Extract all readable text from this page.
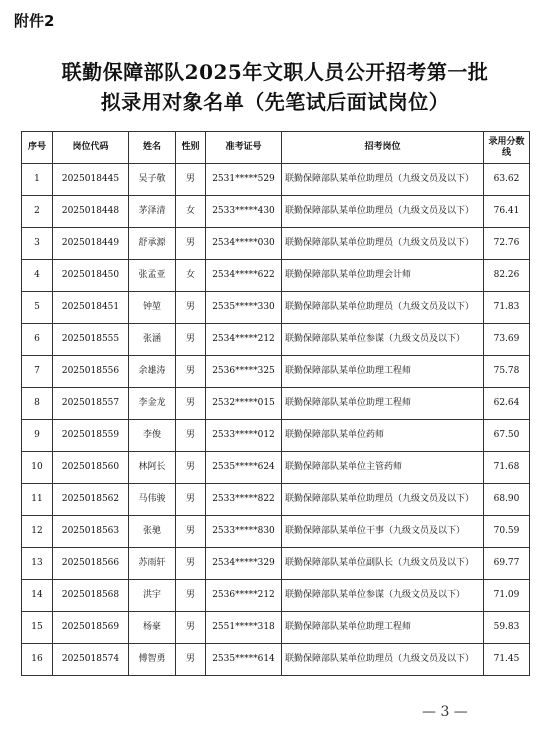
附件2
联勤保障部队2025年文职人员公开招考第一批
拟录用对象名单（先笔试后面试岗位）
序号	岗位代码	姓名	性别	准考证号	招考岗位	录用分数线
1	2025018445	吴子敬	男	2531*****529	联勤保障部队某单位助理员（九级文员及以下）	63.62
2	2025018448	茅泽清	女	2533*****430	联勤保障部队某单位助理员（九级文员及以下）	76.41
3	2025018449	舒承源	男	2534*****030	联勤保障部队某单位助理员（九级文员及以下）	72.76
4	2025018450	张孟亚	女	2534*****622	联勤保障部队某单位助理会计师	82.26
5	2025018451	钟堃	男	2535*****330	联勤保障部队某单位助理员（九级文员及以下）	71.83
6	2025018555	张涵	男	2534*****212	联勤保障部队某单位参谋（九级文员及以下）	73.69
7	2025018556	余雄涛	男	2536*****325	联勤保障部队某单位助理工程师	75.78
8	2025018557	李金龙	男	2532*****015	联勤保障部队某单位助理工程师	62.64
9	2025018559	李俊	男	2533*****012	联勤保障部队某单位药师	67.50
10	2025018560	林阿长	男	2535*****624	联勤保障部队某单位主管药师	71.68
11	2025018562	马伟骏	男	2533*****822	联勤保障部队某单位助理员（九级文员及以下）	68.90
12	2025018563	张驰	男	2533*****830	联勤保障部队某单位干事（九级文员及以下）	70.59
13	2025018566	苏雨轩	男	2534*****329	联勤保障部队某单位副队长（九级文员及以下）	69.77
14	2025018568	洪宇	男	2536*****212	联勤保障部队某单位参谋（九级文员及以下）	71.09
15	2025018569	杨豪	男	2551*****318	联勤保障部队某单位助理工程师	59.83
16	2025018574	傅智勇	男	2535*****614	联勤保障部队某单位助理员（九级文员及以下）	71.45
— 3 —
